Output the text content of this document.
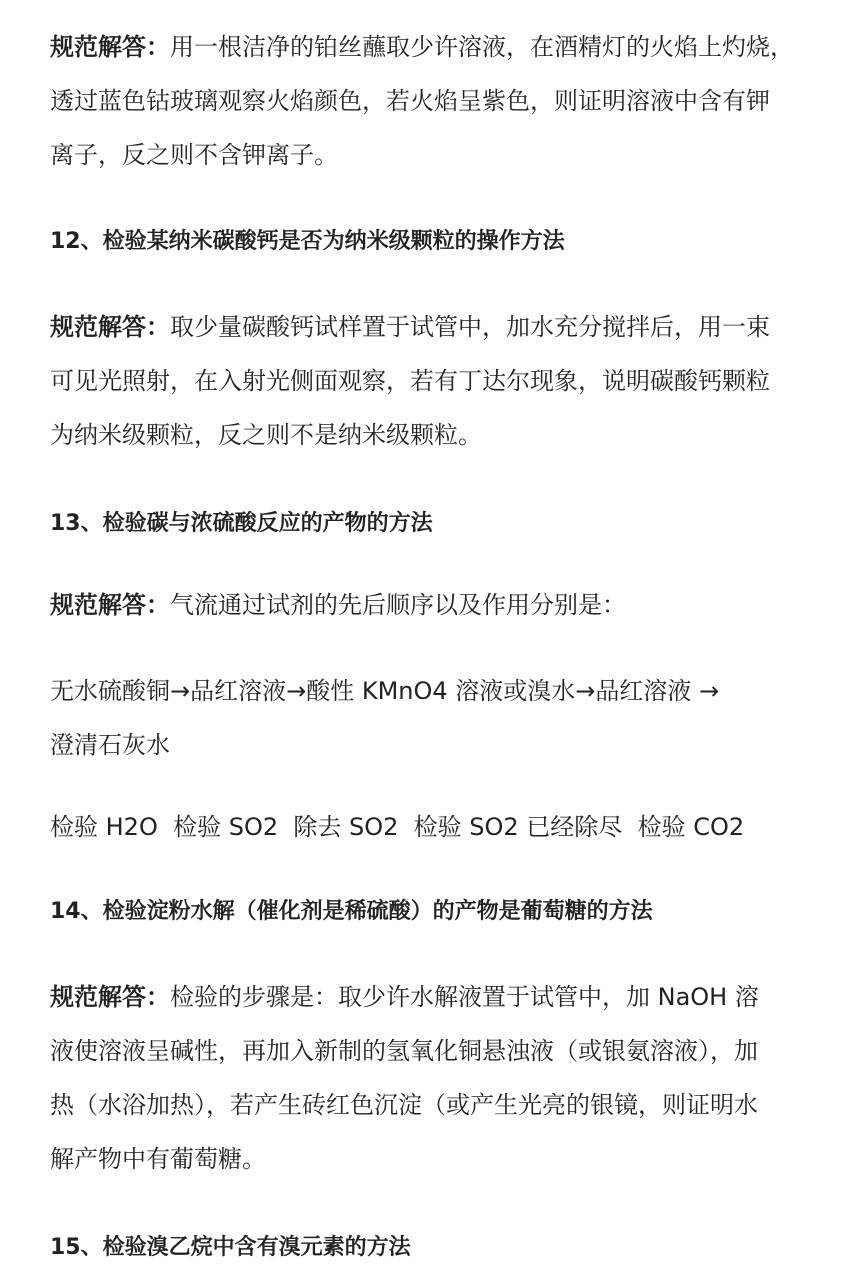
规范解答：用一根洁净的铂丝蘸取少许溶液，在酒精灯的火焰上灼烧，
透过蓝色钴玻璃观察火焰颜色，若火焰呈紫色，则证明溶液中含有钾
离子，反之则不含钾离子。
12、检验某纳米碳酸钙是否为纳米级颗粒的操作方法
规范解答：取少量碳酸钙试样置于试管中，加水充分搅拌后，用一束
可见光照射，在入射光侧面观察，若有丁达尔现象，说明碳酸钙颗粒
为纳米级颗粒，反之则不是纳米级颗粒。
13、检验碳与浓硫酸反应的产物的方法
规范解答：气流通过试剂的先后顺序以及作用分别是：
无水硫酸铜→品红溶液→酸性 KMnO4 溶液或溴水→品红溶液 →
澄清石灰水
检验 H2O  检验 SO2  除去 SO2  检验 SO2 已经除尽  检验 CO2
14、检验淀粉水解（催化剂是稀硫酸）的产物是葡萄糖的方法
规范解答：检验的步骤是：取少许水解液置于试管中，加 NaOH 溶
液使溶液呈碱性，再加入新制的氢氧化铜悬浊液（或银氨溶液），加
热（水浴加热），若产生砖红色沉淀（或产生光亮的银镜，则证明水
解产物中有葡萄糖。
15、检验溴乙烷中含有溴元素的方法
